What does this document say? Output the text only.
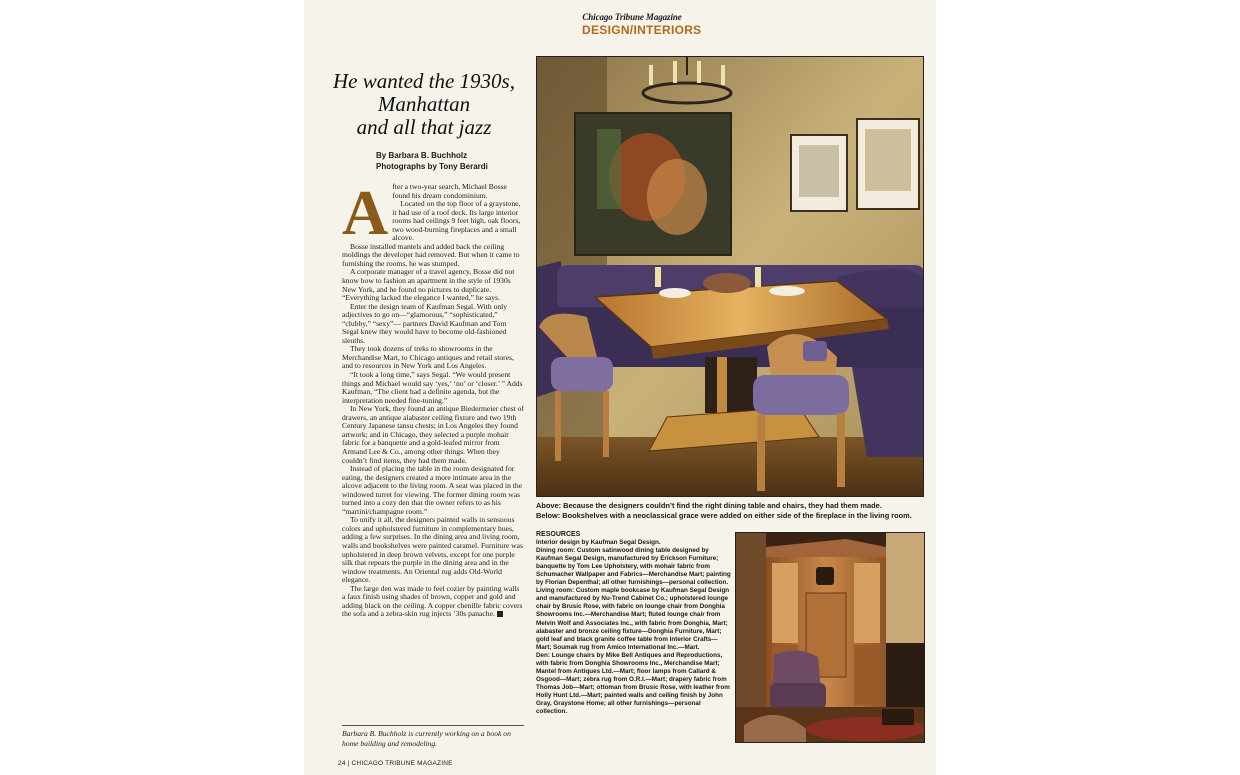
Chicago Tribune Magazine
DESIGN/INTERIORS
He wanted the 1930s,
Manhattan
and all that jazz
By Barbara B. Buchholz
Photographs by Tony Berardi
A fter a two-year search, Michael Bosse found his dream condominium.

Located on the top floor of a graystone, it had use of a roof deck. Its large interior rooms had ceilings 9 feet high, oak floors, two wood-burning fireplaces and a small alcove.

Bosse installed mantels and added back the ceiling moldings the developer had removed. But when it came to furnishing the rooms, he was stumped.

A corporate manager of a travel agency, Bosse did not know how to fashion an apartment in the style of 1930s New York, and he found no pictures to duplicate. “Everything lacked the elegance I wanted,” he says.

Enter the design team of Kaufman Segal. With only adjectives to go on—“glamorous,” “sophisticated,” “clubby,” “sexy”— partners David Kaufman and Tom Segal knew they would have to become old-fashioned sleuths.

They took dozens of treks to showrooms in the Merchandise Mart, to Chicago antiques and retail stores, and to resources in New York and Los Angeles.

“It took a long time,” says Segal. “We would present things and Michael would say ‘yes,’ ‘no’ or ‘closer.’ ” Adds Kaufman, “The client had a definite agenda, but the interpretation needed fine-tuning.”

In New York, they found an antique Biedermeier chest of drawers, an antique alabaster ceiling fixture and two 19th Century Japanese tansu chests; in Los Angeles they found artwork; and in Chicago, they selected a purple mohair fabric for a banquette and a gold-leafed mirror from Armand Lee & Co., among other things. When they couldn’t find items, they had them made.

Instead of placing the table in the room designated for eating, the designers created a more intimate area in the alcove adjacent to the living room. A seat was placed in the windowed turret for viewing. The former dining room was turned into a cozy den that the owner refers to as his “martini/champagne room.”

To unify it all, the designers painted walls in sensuous colors and upholstered furniture in complementary hues, adding a few surprises. In the dining area and living room, walls and bookshelves were painted caramel. Furniture was upholstered in deep brown velvets, except for one purple silk that repeats the purple in the dining area and in the window treatments. An Oriental rug adds Old-World elegance.

The large den was made to feel cozier by painting walls a faux finish using shades of brown, copper and gold and adding black on the ceiling. A copper chenille fabric covers the sofa and a zebra-skin rug injects ’30s panache.

Barbara B. Buchholz is currently working on a book on home building and remodeling.
Above: Because the designers couldn’t find the right dining table and chairs, they had them made.
Below: Bookshelves with a neoclassical grace were added on either side of the fireplace in the living room.
RESOURCES
Interior design by Kaufman Segal Design.
Dining room: Custom satinwood dining table designed by Kaufman Segal Design, manufactured by Erickson Furniture; banquette by Tom Lee Upholstery, with mohair fabric from Schumacher Wallpaper and Fabrics—Merchandise Mart; painting by Florian Depenthal; all other furnishings—personal collection.
Living room: Custom maple bookcase by Kaufman Segal Design and manufactured by Nu-Trend Cabinet Co.; upholstered lounge chair by Brusic Rose, with fabric on lounge chair from Donghia Showrooms Inc.—Merchandise Mart; fluted lounge chair from Melvin Wolf and Associates Inc., with fabric from Donghia, Mart; alabaster and bronze ceiling fixture—Donghia Furniture, Mart; gold leaf and black granite coffee table from Interior Crafts—Mart; Soumak rug from Amico International Inc.—Mart.
Den: Lounge chairs by Mike Bell Antiques and Reproductions, with fabric from Donghia Showrooms Inc., Merchandise Mart; Mantel from Antiques Ltd.—Mart; floor lamps from Callard & Osgood—Mart; zebra rug from O.R.I.—Mart; drapery fabric from Thomas Job—Mart; ottoman from Brusic Rose, with leather from Holly Hunt Ltd.—Mart; painted walls and ceiling finish by John Gray, Graystone Home; all other furnishings—personal collection.
24 | CHICAGO TRIBUNE MAGAZINE
